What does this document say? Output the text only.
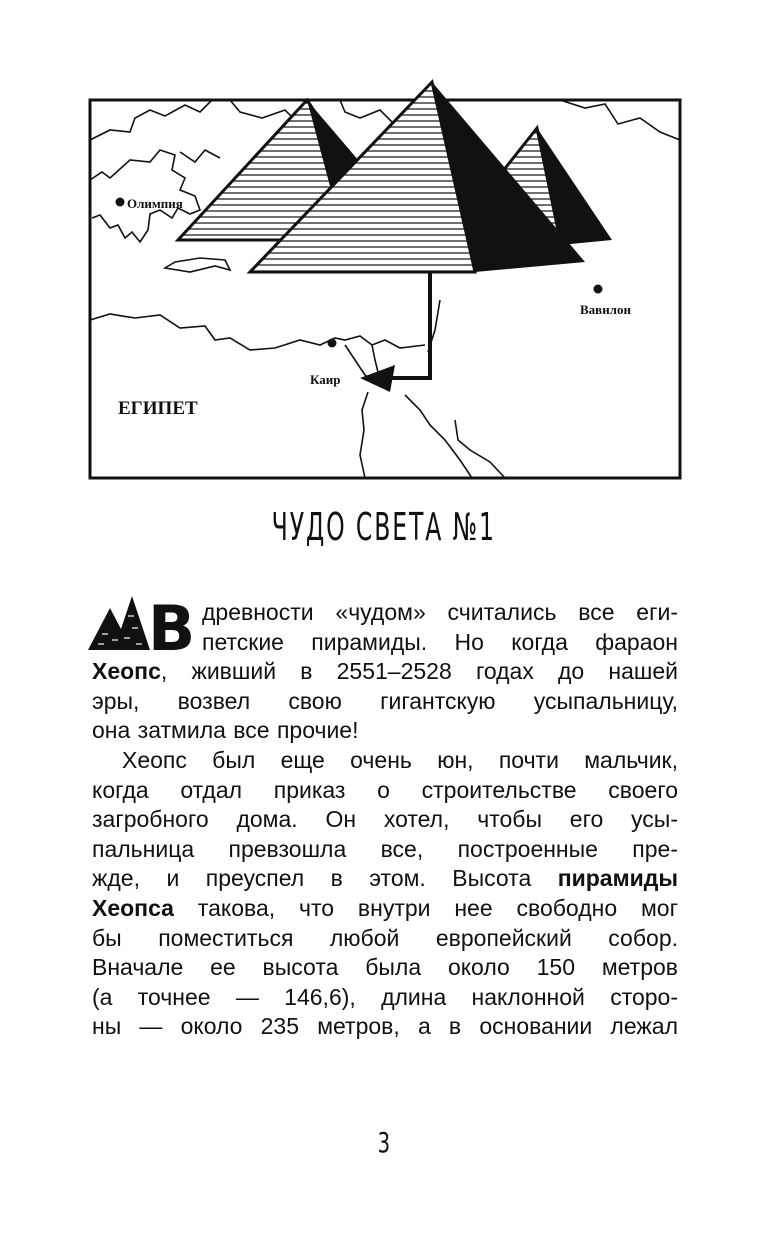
Олимпия
Вавилон
Каир
ЕГИПЕТ
ЧУДО СВЕТА №1
В древности «чудом» считались все еги-
петские пирамиды. Но когда фараон
Хеопс, живший в 2551–2528 годах до нашей
эры, возвел свою гигантскую усыпальницу,
она затмила все прочие!
Хеопс был еще очень юн, почти мальчик,
когда отдал приказ о строительстве своего
загробного дома. Он хотел, чтобы его усы-
пальница превзошла все, построенные пре-
жде, и преуспел в этом. Высота пирамиды
Хеопса такова, что внутри нее свободно мог
бы поместиться любой европейский собор.
Вначале ее высота была около 150 метров
(а точнее — 146,6), длина наклонной сторо-
ны — около 235 метров, а в основании лежал
3
